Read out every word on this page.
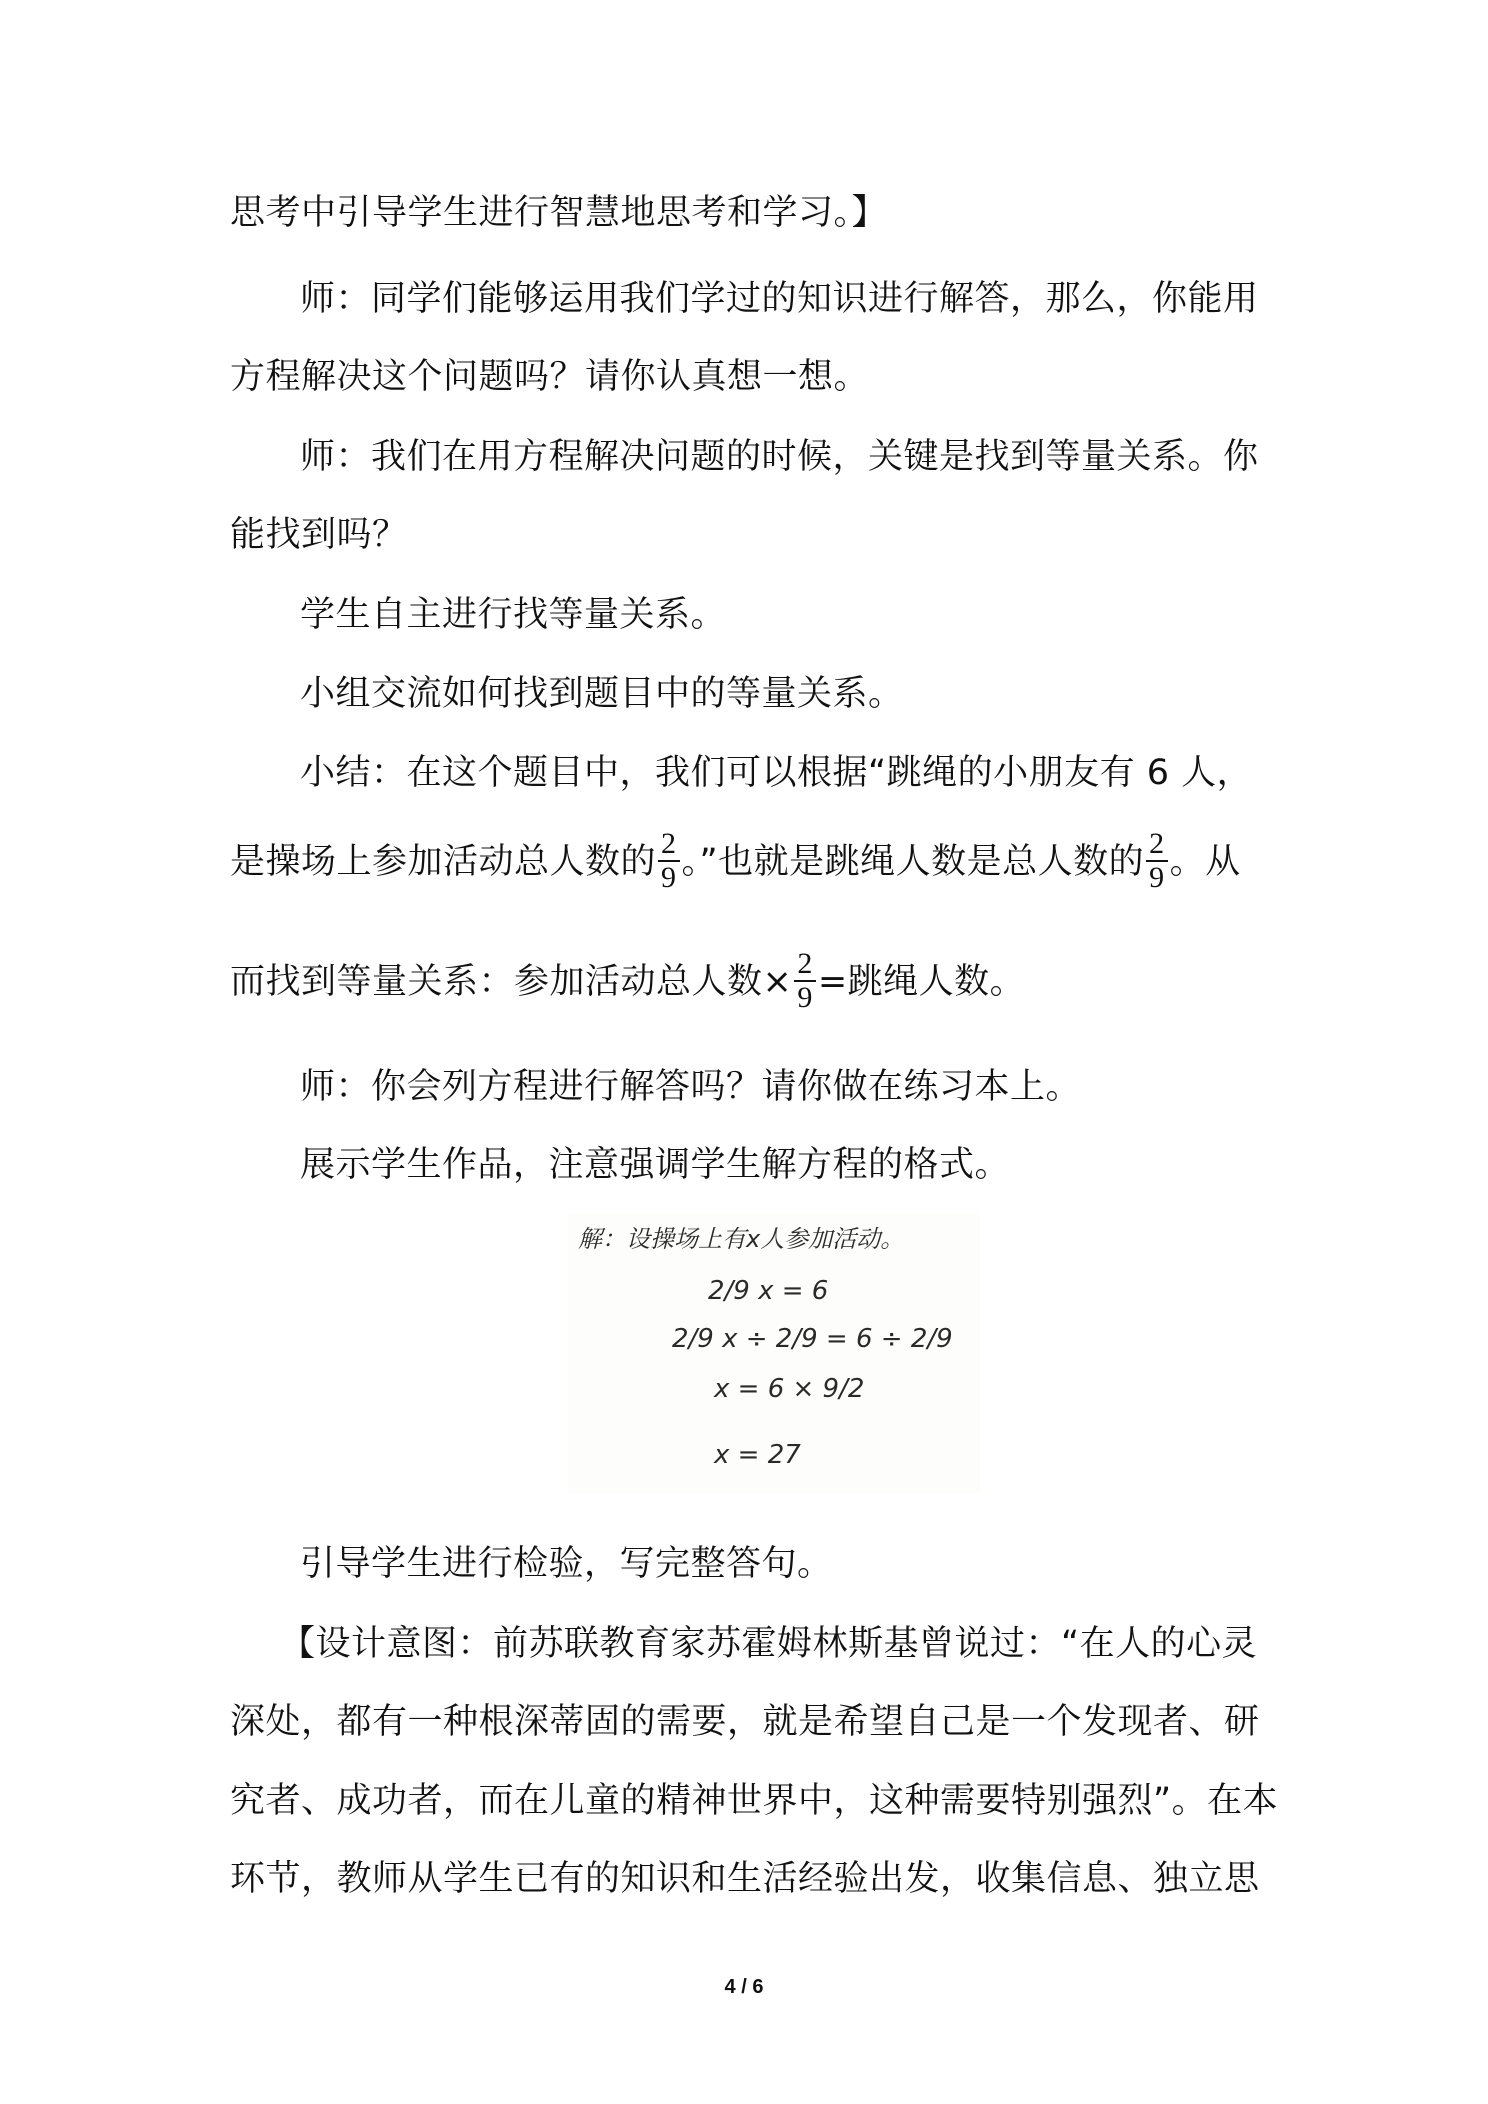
思考中引导学生进行智慧地思考和学习。】
师：同学们能够运用我们学过的知识进行解答，那么，你能用
方程解决这个问题吗？请你认真想一想。
师：我们在用方程解决问题的时候，关键是找到等量关系。你
能找到吗？
学生自主进行找等量关系。
小组交流如何找到题目中的等量关系。
小结：在这个题目中，我们可以根据“跳绳的小朋友有 6 人，
是操场上参加活动总人数的 $\frac{2}{9}$ 。”也就是跳绳人数是总人数的 $\frac{2}{9}$ 。从
而找到等量关系：参加活动总人数× $\frac{2}{9}$ =跳绳人数。
师：你会列方程进行解答吗？请你做在练习本上。
展示学生作品，注意强调学生解方程的格式。
解：设操场上有x人参加活动。
2/9 x = 6
2/9 x ÷ 2/9 = 6 ÷ 2/9
x = 6 × 9/2
x = 27
引导学生进行检验，写完整答句。
【设计意图：前苏联教育家苏霍姆林斯基曾说过：“在人的心灵
深处，都有一种根深蒂固的需要，就是希望自己是一个发现者、研
究者、成功者，而在儿童的精神世界中，这种需要特别强烈”。在本
环节，教师从学生已有的知识和生活经验出发，收集信息、独立思
4 / 6
